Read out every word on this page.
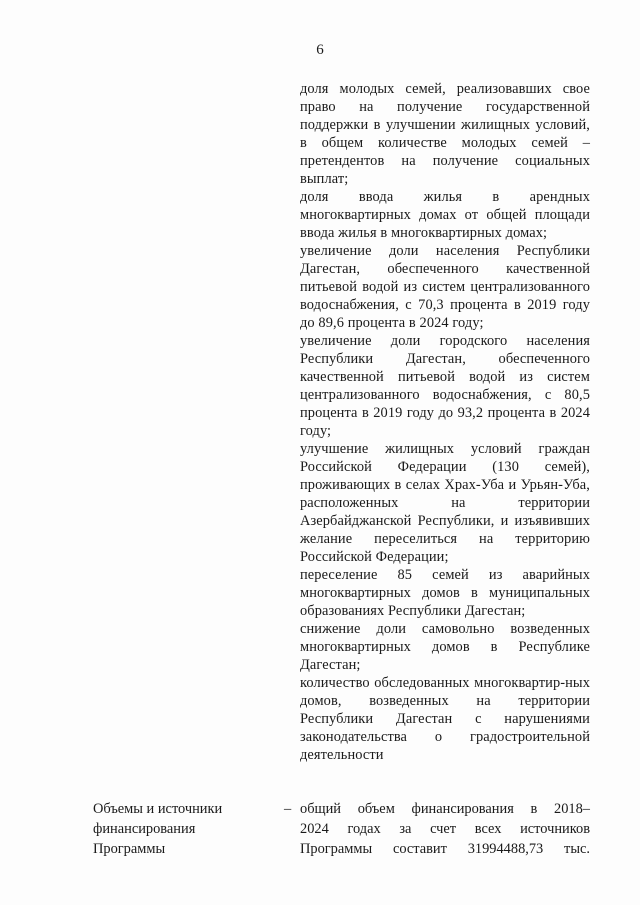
6

доля молодых семей, реализовавших свое право на получение государственной поддержки в улучшении жилищных условий, в общем количестве молодых семей – претендентов на получение социальных выплат;

доля ввода жилья в арендных многоквартирных домах от общей площади ввода жилья в многоквартирных домах;

увеличение доли населения Республики Дагестан, обеспеченного качественной питьевой водой из систем централизованного водоснабжения, с 70,3 процента в 2019 году до 89,6 процента в 2024 году;

увеличение доли городского населения Республики Дагестан, обеспеченного качественной питьевой водой из систем централизованного водоснабжения, с 80,5 процента в 2019 году до 93,2 процента в 2024 году;

улучшение жилищных условий граждан Российской Федерации (130 семей), проживающих в селах Храх-Уба и Урьян-Уба, расположенных на территории Азербайджанской Республики, и изъявивших желание переселиться на территорию Российской Федерации;

переселение 85 семей из аварийных многоквартирных домов в муниципальных образованиях Республики Дагестан;

снижение доли самовольно возведенных многоквартирных домов в Республике Дагестан;

количество обследованных многоквартир-ных домов, возведенных на территории Республики Дагестан с нарушениями законодательства о градостроительной деятельности

Объемы и источники
финансирования
Программы
– общий объем финансирования в 2018–
2024 годах за счет всех источников
Программы составит 31994488,73 тыс.
